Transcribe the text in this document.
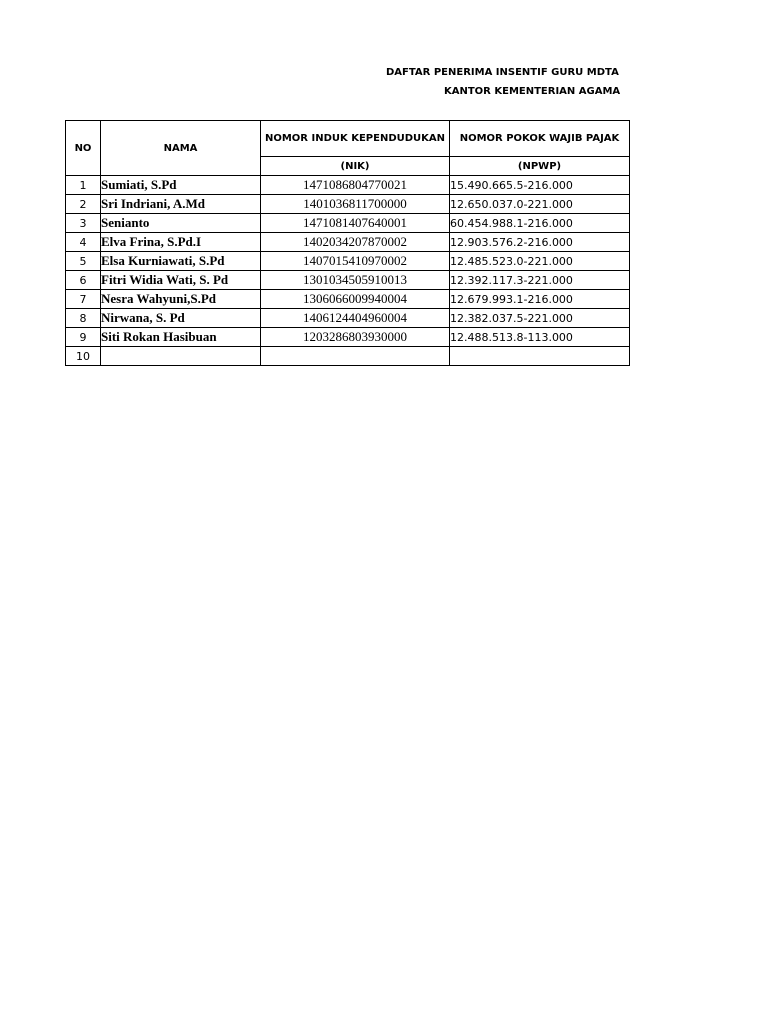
DAFTAR PENERIMA INSENTIF GURU MDTA
KANTOR KEMENTERIAN AGAMA
NO	NAMA	NOMOR INDUK KEPENDUDUKAN	NOMOR POKOK WAJIB PAJAK
		(NIK)	(NPWP)
1	Sumiati, S.Pd	1471086804770021	15.490.665.5-216.000
2	Sri Indriani, A.Md	1401036811700000	12.650.037.0-221.000
3	Senianto	1471081407640001	60.454.988.1-216.000
4	Elva Frina, S.Pd.I	1402034207870002	12.903.576.2-216.000
5	Elsa Kurniawati, S.Pd	1407015410970002	12.485.523.0-221.000
6	Fitri Widia Wati, S. Pd	1301034505910013	12.392.117.3-221.000
7	Nesra Wahyuni,S.Pd	1306066009940004	12.679.993.1-216.000
8	Nirwana, S. Pd	1406124404960004	12.382.037.5-221.000
9	Siti Rokan Hasibuan	1203286803930000	12.488.513.8-113.000
10			
